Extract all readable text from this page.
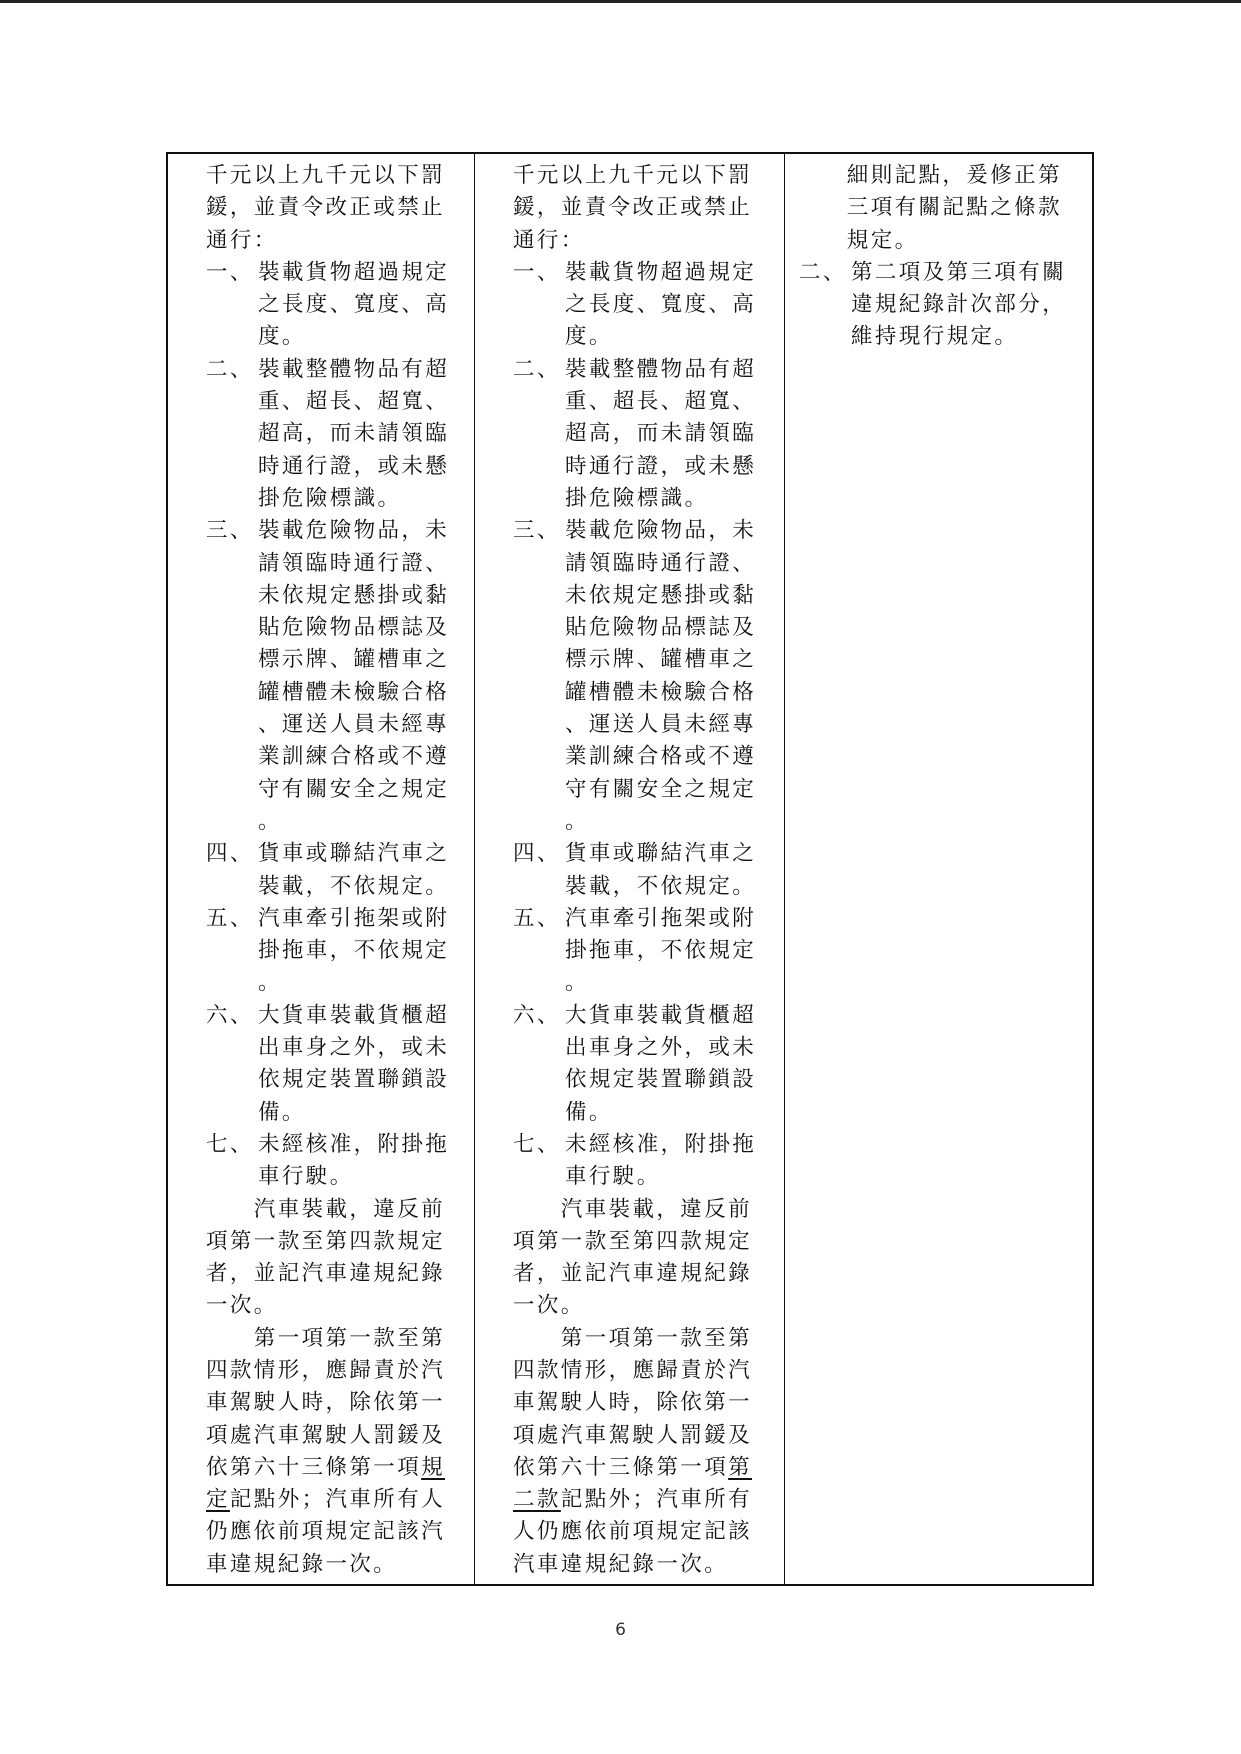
千元以上九千元以下罰
鍰，並責令改正或禁止
通行：
一、 裝載貨物超過規定
之長度、寬度、高
度。
二、 裝載整體物品有超
重、超長、超寬、
超高，而未請領臨
時通行證，或未懸
掛危險標識。
三、 裝載危險物品，未
請領臨時通行證、
未依規定懸掛或黏
貼危險物品標誌及
標示牌、罐槽車之
罐槽體未檢驗合格
、運送人員未經專
業訓練合格或不遵
守有關安全之規定
。
四、 貨車或聯結汽車之
裝載，不依規定。
五、 汽車牽引拖架或附
掛拖車，不依規定
。
六、 大貨車裝載貨櫃超
出車身之外，或未
依規定裝置聯鎖設
備。
七、 未經核准，附掛拖
車行駛。
　　汽車裝載，違反前
項第一款至第四款規定
者，並記汽車違規紀錄
一次。
　　第一項第一款至第
四款情形，應歸責於汽
車駕駛人時，除依第一
項處汽車駕駛人罰鍰及
依第六十三條第一項規
定記點外；汽車所有人
仍應依前項規定記該汽
車違規紀錄一次。
千元以上九千元以下罰
鍰，並責令改正或禁止
通行：
一、 裝載貨物超過規定
之長度、寬度、高
度。
二、 裝載整體物品有超
重、超長、超寬、
超高，而未請領臨
時通行證，或未懸
掛危險標識。
三、 裝載危險物品，未
請領臨時通行證、
未依規定懸掛或黏
貼危險物品標誌及
標示牌、罐槽車之
罐槽體未檢驗合格
、運送人員未經專
業訓練合格或不遵
守有關安全之規定
。
四、 貨車或聯結汽車之
裝載，不依規定。
五、 汽車牽引拖架或附
掛拖車，不依規定
。
六、 大貨車裝載貨櫃超
出車身之外，或未
依規定裝置聯鎖設
備。
七、 未經核准，附掛拖
車行駛。
　　汽車裝載，違反前
項第一款至第四款規定
者，並記汽車違規紀錄
一次。
　　第一項第一款至第
四款情形，應歸責於汽
車駕駛人時，除依第一
項處汽車駕駛人罰鍰及
依第六十三條第一項第
二款記點外；汽車所有
人仍應依前項規定記該
汽車違規紀錄一次。
　　細則記點，爰修正第
　　三項有關記點之條款
　　規定。
二、 第二項及第三項有關
違規紀錄計次部分，
維持現行規定。
6
